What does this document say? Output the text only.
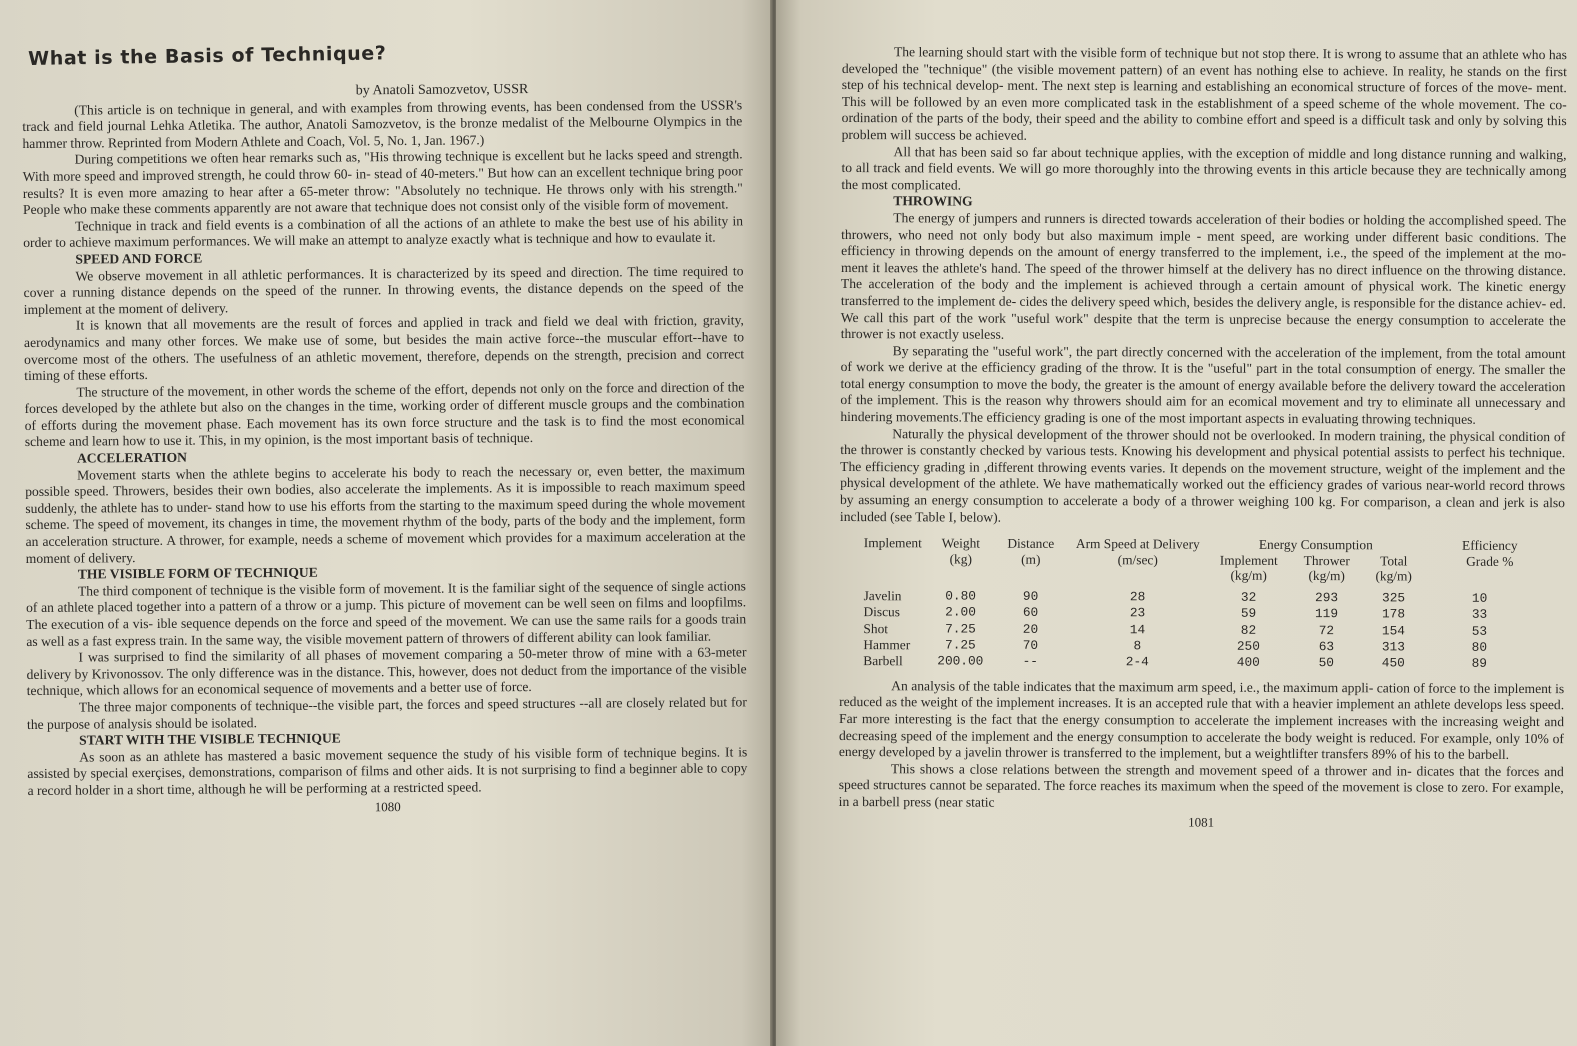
What is the Basis of Technique?
by Anatoli Samozvetov, USSR

(This article is on technique in general, and with examples from throwing events, has been condensed from the USSR's track and field journal Lehka Atletika. The author, Anatoli Samozvetov, is the bronze medalist of the Melbourne Olympics in the hammer throw. Reprinted from Modern Athlete and Coach, Vol. 5, No. 1, Jan. 1967.)

During competitions we often hear remarks such as, "His throwing technique is excellent but he lacks speed and strength. With more speed and improved strength, he could throw 60- in- stead of 40-meters." But how can an excellent technique bring poor results? It is even more amazing to hear after a 65-meter throw: "Absolutely no technique. He throws only with his strength." People who make these comments apparently are not aware that technique does not consist only of the visible form of movement.

Technique in track and field events is a combination of all the actions of an athlete to make the best use of his ability in order to achieve maximum performances. We will make an attempt to analyze exactly what is technique and how to evaulate it.

SPEED AND FORCE

We observe movement in all athletic performances. It is characterized by its speed and direction. The time required to cover a running distance depends on the speed of the runner. In throwing events, the distance depends on the speed of the implement at the moment of delivery.

It is known that all movements are the result of forces and applied in track and field we deal with friction, gravity, aerodynamics and many other forces. We make use of some, but besides the main active force--the muscular effort--have to overcome most of the others. The usefulness of an athletic movement, therefore, depends on the strength, precision and correct timing of these efforts.

The structure of the movement, in other words the scheme of the effort, depends not only on the force and direction of the forces developed by the athlete but also on the changes in the time, working order of different muscle groups and the combination of efforts during the movement phase. Each movement has its own force structure and the task is to find the most economical scheme and learn how to use it. This, in my opinion, is the most important basis of technique.

ACCELERATION

Movement starts when the athlete begins to accelerate his body to reach the necessary or, even better, the maximum possible speed. Throwers, besides their own bodies, also accelerate the implements. As it is impossible to reach maximum speed suddenly, the athlete has to under- stand how to use his efforts from the starting to the maximum speed during the whole movement scheme. The speed of movement, its changes in time, the movement rhythm of the body, parts of the body and the implement, form an acceleration structure. A thrower, for example, needs a scheme of movement which provides for a maximum acceleration at the moment of delivery.

THE VISIBLE FORM OF TECHNIQUE

The third component of technique is the visible form of movement. It is the familiar sight of the sequence of single actions of an athlete placed together into a pattern of a throw or a jump. This picture of movement can be well seen on films and loopfilms. The execution of a vis- ible sequence depends on the force and speed of the movement. We can use the same rails for a goods train as well as a fast express train. In the same way, the visible movement pattern of throwers of different ability can look familiar.

I was surprised to find the similarity of all phases of movement comparing a 50-meter throw of mine with a 63-meter delivery by Krivonossov. The only difference was in the distance. This, however, does not deduct from the importance of the visible technique, which allows for an economical sequence of movements and a better use of force.

The three major components of technique--the visible part, the forces and speed structures --all are closely related but for the purpose of analysis should be isolated.

START WITH THE VISIBLE TECHNIQUE

As soon as an athlete has mastered a basic movement sequence the study of his visible form of technique begins. It is assisted by special exerçises, demonstrations, comparison of films and other aids. It is not surprising to find a beginner able to copy a record holder in a short time, although he will be performing at a restricted speed.

1080

The learning should start with the visible form of technique but not stop there. It is wrong to assume that an athlete who has developed the "technique" (the visible movement pattern) of an event has nothing else to achieve. In reality, he stands on the first step of his technical develop- ment. The next step is learning and establishing an economical structure of forces of the move- ment. This will be followed by an even more complicated task in the establishment of a speed scheme of the whole movement. The co-ordination of the parts of the body, their speed and the ability to combine effort and speed is a difficult task and only by solving this problem will success be achieved.

All that has been said so far about technique applies, with the exception of middle and long distance running and walking, to all track and field events. We will go more thoroughly into the throwing events in this article because they are technically among the most complicated.

THROWING

The energy of jumpers and runners is directed towards acceleration of their bodies or holding the accomplished speed. The throwers, who need not only body but also maximum imple - ment speed, are working under different basic conditions. The efficiency in throwing depends on the amount of energy transferred to the implement, i.e., the speed of the implement at the mo- ment it leaves the athlete's hand. The speed of the thrower himself at the delivery has no direct influence on the throwing distance. The acceleration of the body and the implement is achieved through a certain amount of physical work. The kinetic energy transferred to the implement de- cides the delivery speed which, besides the delivery angle, is responsible for the distance achiev- ed. We call this part of the work "useful work" despite that the term is unprecise because the energy consumption to accelerate the thrower is not exactly useless.

By separating the "useful work", the part directly concerned with the acceleration of the implement, from the total amount of work we derive at the efficiency grading of the throw. It is the "useful" part in the total consumption of energy. The smaller the total energy consumption to move the body, the greater is the amount of energy available before the delivery toward the acceleration of the implement. This is the reason why throwers should aim for an ecomical movement and try to eliminate all unnecessary and hindering movements.The efficiency grading is one of the most important aspects in evaluating throwing techniques.

Naturally the physical development of the thrower should not be overlooked. In modern training, the physical condition of the thrower is constantly checked by various tests. Knowing his development and physical potential assists to perfect his technique. The efficiency grading in ,different throwing events varies. It depends on the movement structure, weight of the implement and the physical development of the athlete. We have mathematically worked out the efficiency grades of various near-world record throws by assuming an energy consumption to accelerate a body of a thrower weighing 100 kg. For comparison, a clean and jerk is also included (see Table I, below).

Implement	Weight (kg)	Distance (m)	Arm Speed at Delivery (m/sec)	Energy Consumption			Efficiency Grade %
				Implement (kg/m)	Thrower (kg/m)	Total (kg/m)	

Javelin	0.80	90	28	32	293	325	10
Discus	2.00	60	23	59	119	178	33
Shot	7.25	20	14	82	72	154	53
Hammer	7.25	70	8	250	63	313	80
Barbell	200.00	--	2-4	400	50	450	89

An analysis of the table indicates that the maximum arm speed, i.e., the maximum appli- cation of force to the implement is reduced as the weight of the implement increases. It is an accepted rule that with a heavier implement an athlete develops less speed. Far more interesting is the fact that the energy consumption to accelerate the implement increases with the increasing weight and decreasing speed of the implement and the energy consumption to accelerate the body weight is reduced. For example, only 10% of energy developed by a javelin thrower is transferred to the implement, but a weightlifter transfers 89% of his to the barbell.

This shows a close relations between the strength and movement speed of a thrower and in- dicates that the forces and speed structures cannot be separated. The force reaches its maximum when the speed of the movement is close to zero. For example, in a barbell press (near static

1081
